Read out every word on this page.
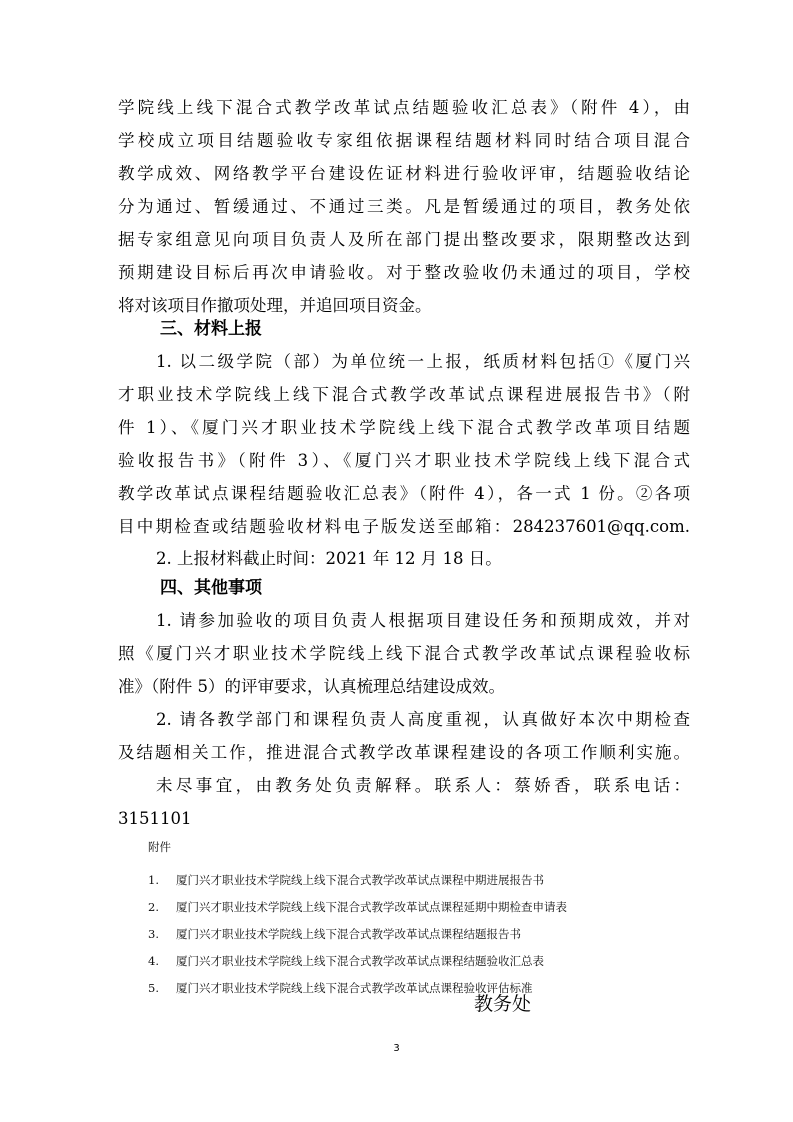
学院线上线下混合式教学改革试点结题验收汇总表》（附件 4），由
学校成立项目结题验收专家组依据课程结题材料同时结合项目混合
教学成效、网络教学平台建设佐证材料进行验收评审，结题验收结论
分为通过、暂缓通过、不通过三类。凡是暂缓通过的项目，教务处依
据专家组意见向项目负责人及所在部门提出整改要求，限期整改达到
预期建设目标后再次申请验收。对于整改验收仍未通过的项目，学校
将对该项目作撤项处理，并追回项目资金。
三、材料上报
1. 以二级学院（部）为单位统一上报，纸质材料包括①《厦门兴
才职业技术学院线上线下混合式教学改革试点课程进展报告书》（附
件 1）、《厦门兴才职业技术学院线上线下混合式教学改革项目结题
验收报告书》（附件 3）、《厦门兴才职业技术学院线上线下混合式
教学改革试点课程结题验收汇总表》（附件 4），各一式 1 份。②各项
目中期检查或结题验收材料电子版发送至邮箱：284237601@qq.com.
2. 上报材料截止时间：2021 年 12 月 18 日。
四、其他事项
1. 请参加验收的项目负责人根据项目建设任务和预期成效，并对
照《厦门兴才职业技术学院线上线下混合式教学改革试点课程验收标
准》（附件 5）的评审要求，认真梳理总结建设成效。
2. 请各教学部门和课程负责人高度重视，认真做好本次中期检查
及结题相关工作，推进混合式教学改革课程建设的各项工作顺利实施。
未尽事宜，由教务处负责解释。联系人：蔡娇香，联系电话：
3151101
附件
1. 厦门兴才职业技术学院线上线下混合式教学改革试点课程中期进展报告书
2. 厦门兴才职业技术学院线上线下混合式教学改革试点课程延期中期检查申请表
3. 厦门兴才职业技术学院线上线下混合式教学改革试点课程结题报告书
4. 厦门兴才职业技术学院线上线下混合式教学改革试点课程结题验收汇总表
5. 厦门兴才职业技术学院线上线下混合式教学改革试点课程验收评估标准
教务处
3
